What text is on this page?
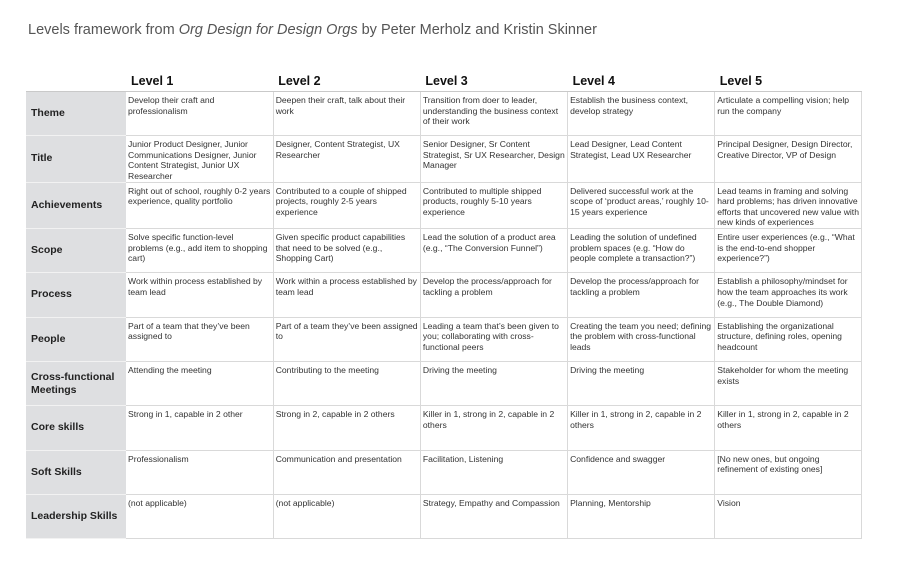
Levels framework from Org Design for Design Orgs by Peter Merholz and Kristin Skinner
	Level 1	Level 2	Level 3	Level 4	Level 5
Theme	Develop their craft and professionalism	Deepen their craft, talk about their work	Transition from doer to leader, understanding the business context of their work	Establish the business context, develop strategy	Articulate a compelling vision; help run the company
Title	Junior Product Designer, Junior Communications Designer, Junior Content Strategist, Junior UX Researcher	Designer, Content Strategist, UX Researcher	Senior Designer, Sr Content Strategist, Sr UX Researcher, Design Manager	Lead Designer, Lead Content Strategist, Lead UX Researcher	Principal Designer, Design Director, Creative Director, VP of Design
Achievements	Right out of school, roughly 0-2 years experience, quality portfolio	Contributed to a couple of shipped projects, roughly 2-5 years experience	Contributed to multiple shipped products, roughly 5-10 years experience	Delivered successful work at the scope of ‘product areas,’ roughly 10-15 years experience	Lead teams in framing and solving hard problems; has driven innovative efforts that uncovered new value with new kinds of experiences
Scope	Solve specific function-level problems (e.g., add item to shopping cart)	Given specific product capabilities that need to be solved (e.g., Shopping Cart)	Lead the solution of a product area (e.g., “The Conversion Funnel”)	Leading the solution of undefined problem spaces (e.g. “How do people complete a transaction?”)	Entire user experiences (e.g., “What is the end-to-end shopper experience?”)
Process	Work within process established by team lead	Work within a process established by team lead	Develop the process/approach for tackling a problem	Develop the process/approach for tackling a problem	Establish a philosophy/mindset for how the team approaches its work (e.g., The Double Diamond)
People	Part of a team that they’ve been assigned to	Part of a team they’ve been assigned to	Leading a team that’s been given to you; collaborating with cross-functional peers	Creating the team you need; defining the problem with cross-functional leads	Establishing the organizational structure, defining roles, opening headcount
Cross-functional Meetings	Attending the meeting	Contributing to the meeting	Driving the meeting	Driving the meeting	Stakeholder for whom the meeting exists
Core skills	Strong in 1, capable in 2 other	Strong in 2, capable in 2 others	Killer in 1, strong in 2, capable in 2 others	Killer in 1, strong in 2, capable in 2 others	Killer in 1, strong in 2, capable in 2 others
Soft Skills	Professionalism	Communication and presentation	Facilitation, Listening	Confidence and swagger	[No new ones, but ongoing refinement of existing ones]
Leadership Skills	(not applicable)	(not applicable)	Strategy, Empathy and Compassion	Planning, Mentorship	Vision
